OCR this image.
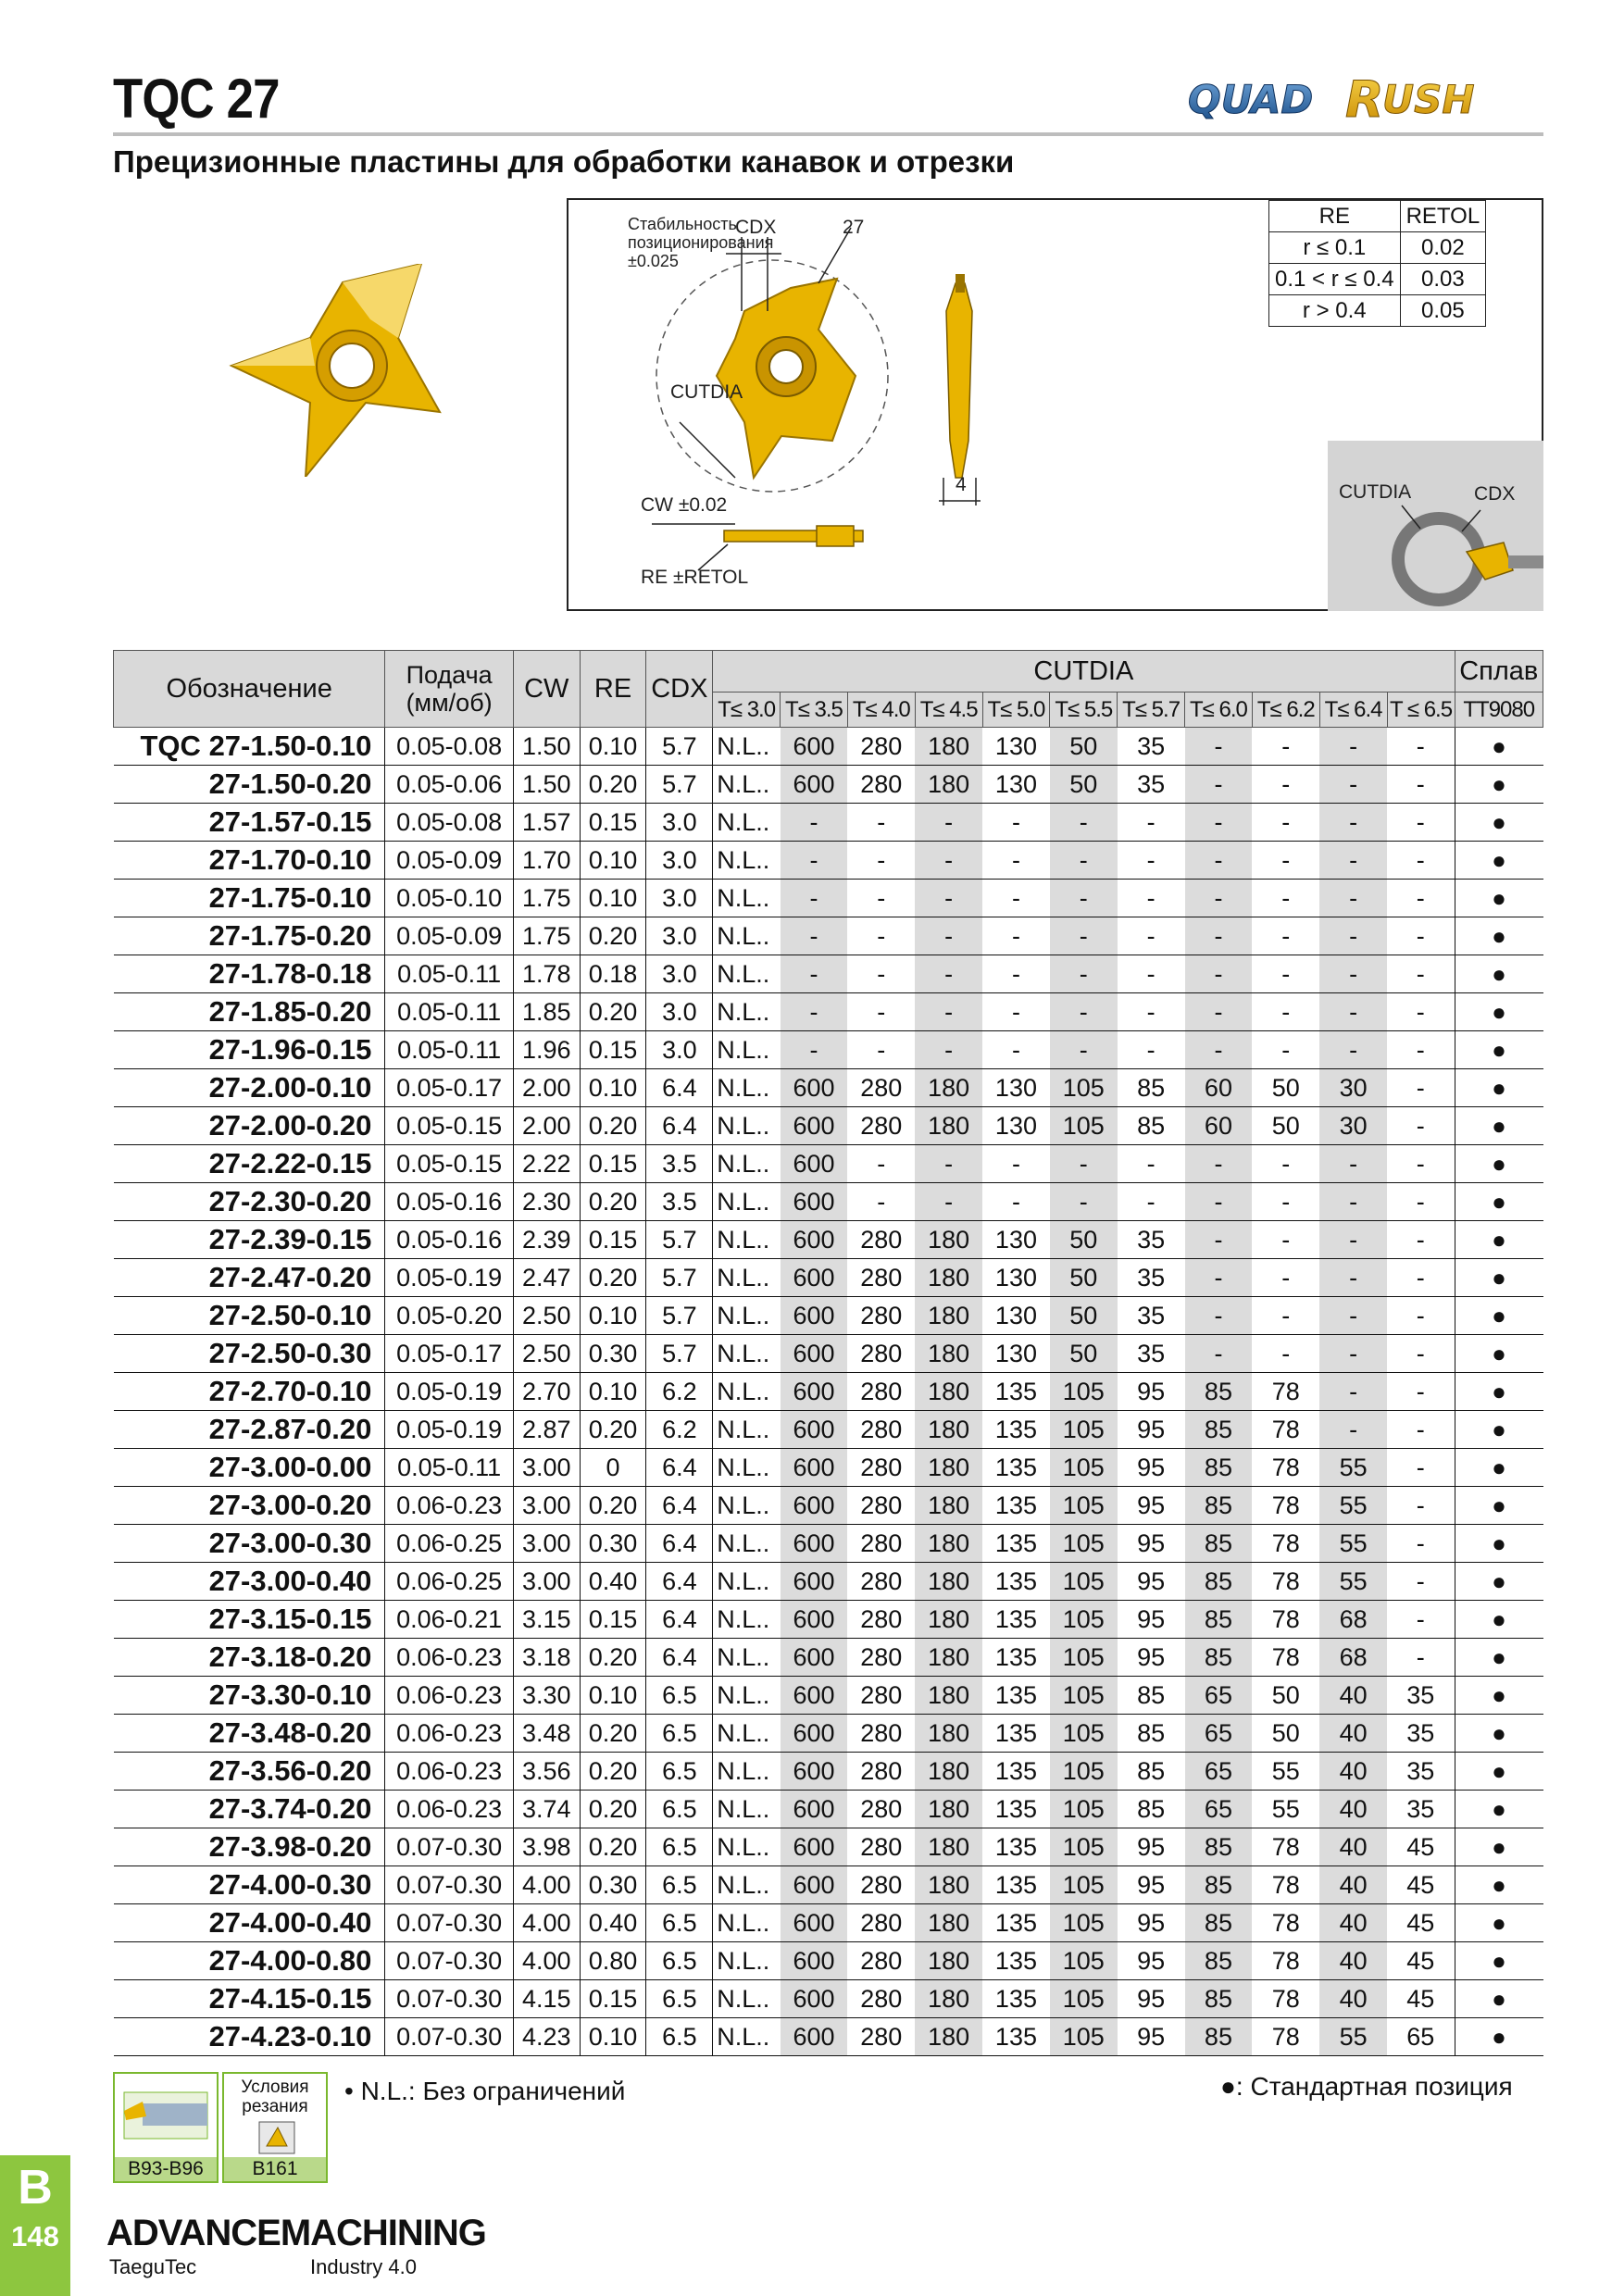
TQC 27	QUAD R
USH
Прецизионные пластины для обработки канавок и отрезки
Стабильность позиционирования ±0.025
CDX	27
CUTDIA
CW ±0.02
RE ±RETOL
4
RE	RETOL
r ≤ 0.1	0.02
0.1 < r ≤ 0.4	0.03
r > 0.4	0.05
CUTDIA	CDX
Обозначение	Подача (мм/об)	CW	RE	CDX	CUTDIA											Сплав
					T≤ 3.0	T≤ 3.5	T≤ 4.0	T≤ 4.5	T≤ 5.0	T≤ 5.5	T≤ 5.7	T≤ 6.0	T≤ 6.2	T≤ 6.4	T ≤ 6.5	TT9080
TQC 27-1.50-0.10	0.05-0.08	1.50	0.10	5.7	N.L..	600	280	180	130	50	35	-	-	-	-	●
27-1.50-0.20	0.05-0.06	1.50	0.20	5.7	N.L..	600	280	180	130	50	35	-	-	-	-	●
27-1.57-0.15	0.05-0.08	1.57	0.15	3.0	N.L..	-	-	-	-	-	-	-	-	-	-	●
27-1.70-0.10	0.05-0.09	1.70	0.10	3.0	N.L..	-	-	-	-	-	-	-	-	-	-	●
27-1.75-0.10	0.05-0.10	1.75	0.10	3.0	N.L..	-	-	-	-	-	-	-	-	-	-	●
27-1.75-0.20	0.05-0.09	1.75	0.20	3.0	N.L..	-	-	-	-	-	-	-	-	-	-	●
27-1.78-0.18	0.05-0.11	1.78	0.18	3.0	N.L..	-	-	-	-	-	-	-	-	-	-	●
27-1.85-0.20	0.05-0.11	1.85	0.20	3.0	N.L..	-	-	-	-	-	-	-	-	-	-	●
27-1.96-0.15	0.05-0.11	1.96	0.15	3.0	N.L..	-	-	-	-	-	-	-	-	-	-	●
27-2.00-0.10	0.05-0.17	2.00	0.10	6.4	N.L..	600	280	180	130	105	85	60	50	30	-	●
27-2.00-0.20	0.05-0.15	2.00	0.20	6.4	N.L..	600	280	180	130	105	85	60	50	30	-	●
27-2.22-0.15	0.05-0.15	2.22	0.15	3.5	N.L..	600	-	-	-	-	-	-	-	-	-	●
27-2.30-0.20	0.05-0.16	2.30	0.20	3.5	N.L..	600	-	-	-	-	-	-	-	-	-	●
27-2.39-0.15	0.05-0.16	2.39	0.15	5.7	N.L..	600	280	180	130	50	35	-	-	-	-	●
27-2.47-0.20	0.05-0.19	2.47	0.20	5.7	N.L..	600	280	180	130	50	35	-	-	-	-	●
27-2.50-0.10	0.05-0.20	2.50	0.10	5.7	N.L..	600	280	180	130	50	35	-	-	-	-	●
27-2.50-0.30	0.05-0.17	2.50	0.30	5.7	N.L..	600	280	180	130	50	35	-	-	-	-	●
27-2.70-0.10	0.05-0.19	2.70	0.10	6.2	N.L..	600	280	180	135	105	95	85	78	-	-	●
27-2.87-0.20	0.05-0.19	2.87	0.20	6.2	N.L..	600	280	180	135	105	95	85	78	-	-	●
27-3.00-0.00	0.05-0.11	3.00	0	6.4	N.L..	600	280	180	135	105	95	85	78	55	-	●
27-3.00-0.20	0.06-0.23	3.00	0.20	6.4	N.L..	600	280	180	135	105	95	85	78	55	-	●
27-3.00-0.30	0.06-0.25	3.00	0.30	6.4	N.L..	600	280	180	135	105	95	85	78	55	-	●
27-3.00-0.40	0.06-0.25	3.00	0.40	6.4	N.L..	600	280	180	135	105	95	85	78	55	-	●
27-3.15-0.15	0.06-0.21	3.15	0.15	6.4	N.L..	600	280	180	135	105	95	85	78	68	-	●
27-3.18-0.20	0.06-0.23	3.18	0.20	6.4	N.L..	600	280	180	135	105	95	85	78	68	-	●
27-3.30-0.10	0.06-0.23	3.30	0.10	6.5	N.L..	600	280	180	135	105	85	65	50	40	35	●
27-3.48-0.20	0.06-0.23	3.48	0.20	6.5	N.L..	600	280	180	135	105	85	65	50	40	35	●
27-3.56-0.20	0.06-0.23	3.56	0.20	6.5	N.L..	600	280	180	135	105	85	65	55	40	35	●
27-3.74-0.20	0.06-0.23	3.74	0.20	6.5	N.L..	600	280	180	135	105	85	65	55	40	35	●
27-3.98-0.20	0.07-0.30	3.98	0.20	6.5	N.L..	600	280	180	135	105	95	85	78	40	45	●
27-4.00-0.30	0.07-0.30	4.00	0.30	6.5	N.L..	600	280	180	135	105	95	85	78	40	45	●
27-4.00-0.40	0.07-0.30	4.00	0.40	6.5	N.L..	600	280	180	135	105	95	85	78	40	45	●
27-4.00-0.80	0.07-0.30	4.00	0.80	6.5	N.L..	600	280	180	135	105	95	85	78	40	45	●
27-4.15-0.15	0.07-0.30	4.15	0.15	6.5	N.L..	600	280	180	135	105	95	85	78	40	45	●
27-4.23-0.10	0.07-0.30	4.23	0.10	6.5	N.L..	600	280	180	135	105	95	85	78	55	65	●
B93-B96
Условия резания
B161
• N.L.: Без ограничений	●: Стандартная позиция
B
148	ADVANCEMACHINING
TaeguTec	Industry 4.0
